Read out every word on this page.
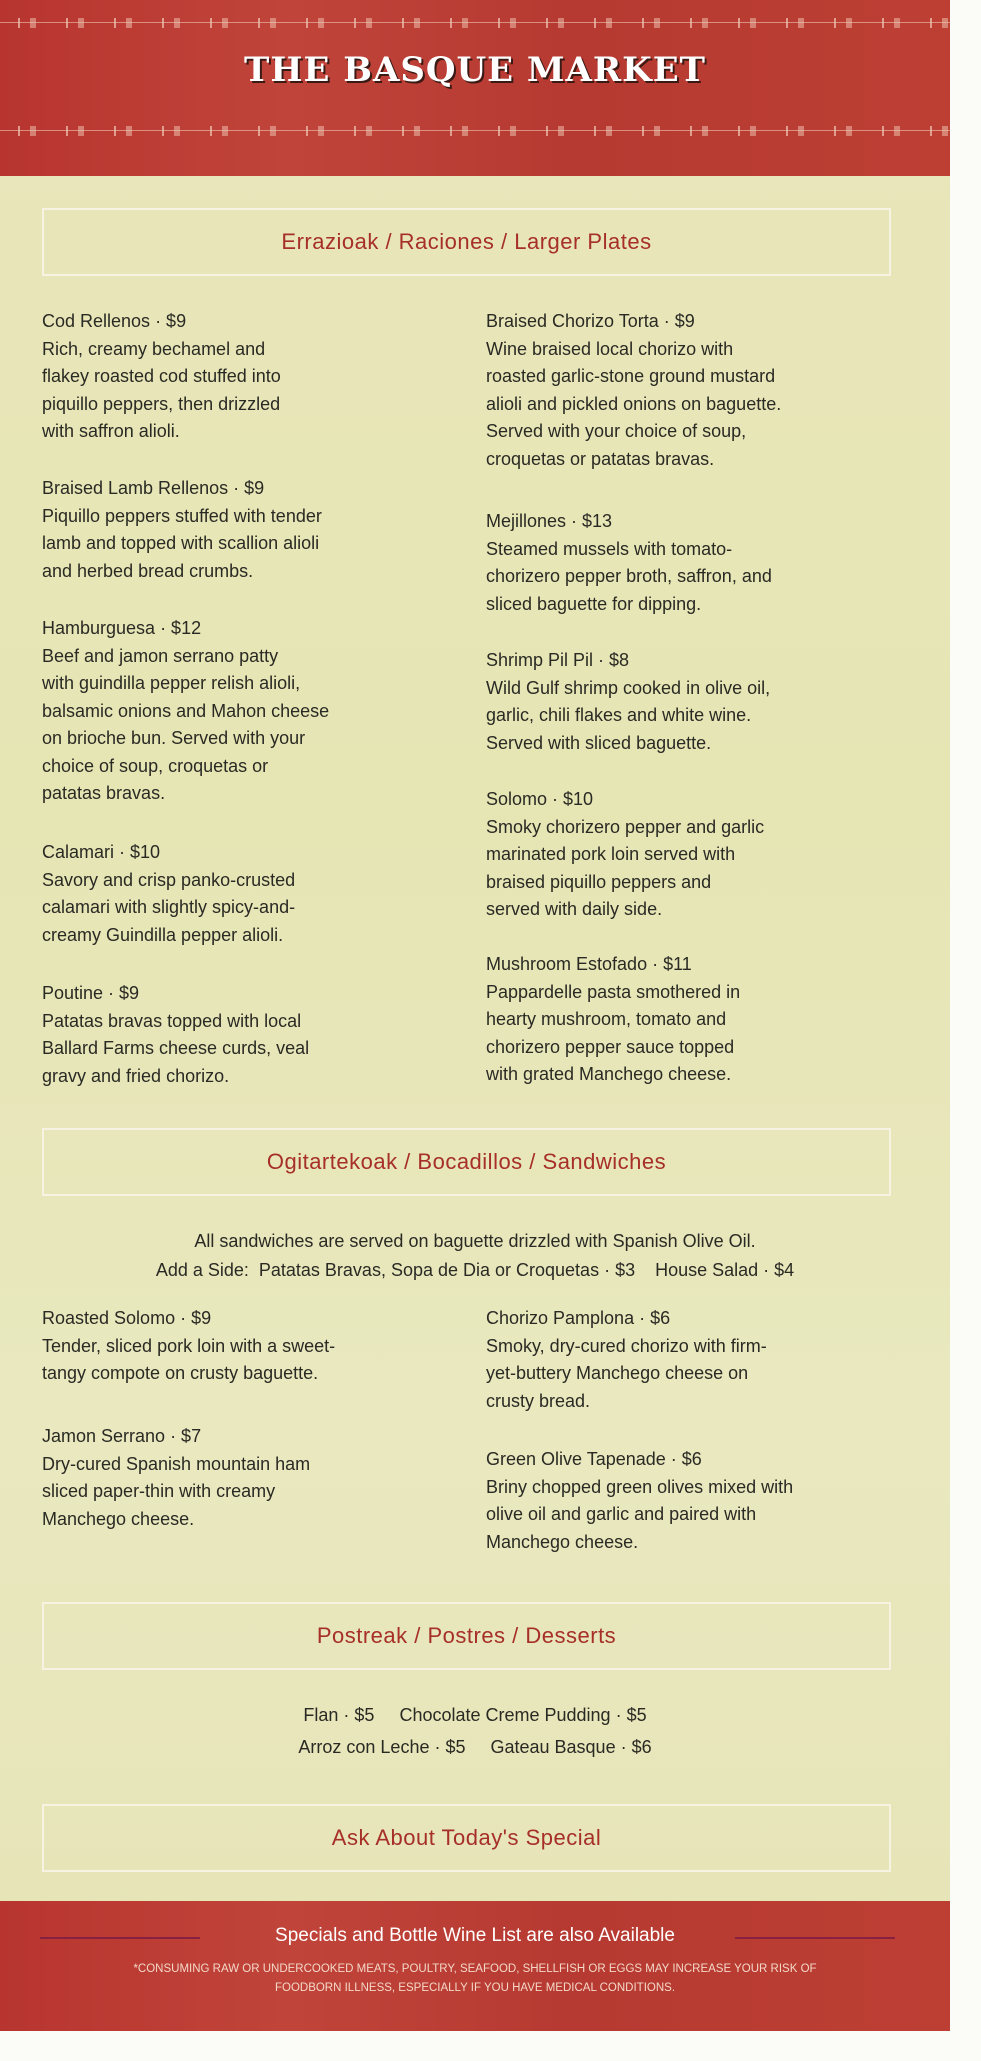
THE BASQUE MARKET
Errazioak / Raciones / Larger Plates
Cod Rellenos · $9
Rich, creamy bechamel and
flakey roasted cod stuffed into
piquillo peppers, then drizzled
with saffron alioli.
Braised Lamb Rellenos · $9
Piquillo peppers stuffed with tender
lamb and topped with scallion alioli
and herbed bread crumbs.
Hamburguesa · $12
Beef and jamon serrano patty
with guindilla pepper relish alioli,
balsamic onions and Mahon cheese
on brioche bun. Served with your
choice of soup, croquetas or
patatas bravas.
Calamari · $10
Savory and crisp panko-crusted
calamari with slightly spicy-and-
creamy Guindilla pepper alioli.
Poutine · $9
Patatas bravas topped with local
Ballard Farms cheese curds, veal
gravy and fried chorizo.
Braised Chorizo Torta · $9
Wine braised local chorizo with
roasted garlic-stone ground mustard
alioli and pickled onions on baguette.
Served with your choice of soup,
croquetas or patatas bravas.
Mejillones · $13
Steamed mussels with tomato-
chorizero pepper broth, saffron, and
sliced baguette for dipping.
Shrimp Pil Pil · $8
Wild Gulf shrimp cooked in olive oil,
garlic, chili flakes and white wine.
Served with sliced baguette.
Solomo · $10
Smoky chorizero pepper and garlic
marinated pork loin served with
braised piquillo peppers and
served with daily side.
Mushroom Estofado · $11
Pappardelle pasta smothered in
hearty mushroom, tomato and
chorizero pepper sauce topped
with grated Manchego cheese.
Ogitartekoak / Bocadillos / Sandwiches
All sandwiches are served on baguette drizzled with Spanish Olive Oil.
Add a Side:  Patatas Bravas, Sopa de Dia or Croquetas · $3    House Salad · $4
Roasted Solomo · $9
Tender, sliced pork loin with a sweet-
tangy compote on crusty baguette.
Jamon Serrano · $7
Dry-cured Spanish mountain ham
sliced paper-thin with creamy
Manchego cheese.
Chorizo Pamplona · $6
Smoky, dry-cured chorizo with firm-
yet-buttery Manchego cheese on
crusty bread.
Green Olive Tapenade · $6
Briny chopped green olives mixed with
olive oil and garlic and paired with
Manchego cheese.
Postreak / Postres / Desserts
Flan · $5     Chocolate Creme Pudding · $5
Arroz con Leche · $5     Gateau Basque · $6
Ask About Today's Special
Specials and Bottle Wine List are also Available
*CONSUMING RAW OR UNDERCOOKED MEATS, POULTRY, SEAFOOD, SHELLFISH OR EGGS MAY INCREASE YOUR RISK OF
FOODBORN ILLNESS, ESPECIALLY IF YOU HAVE MEDICAL CONDITIONS.
